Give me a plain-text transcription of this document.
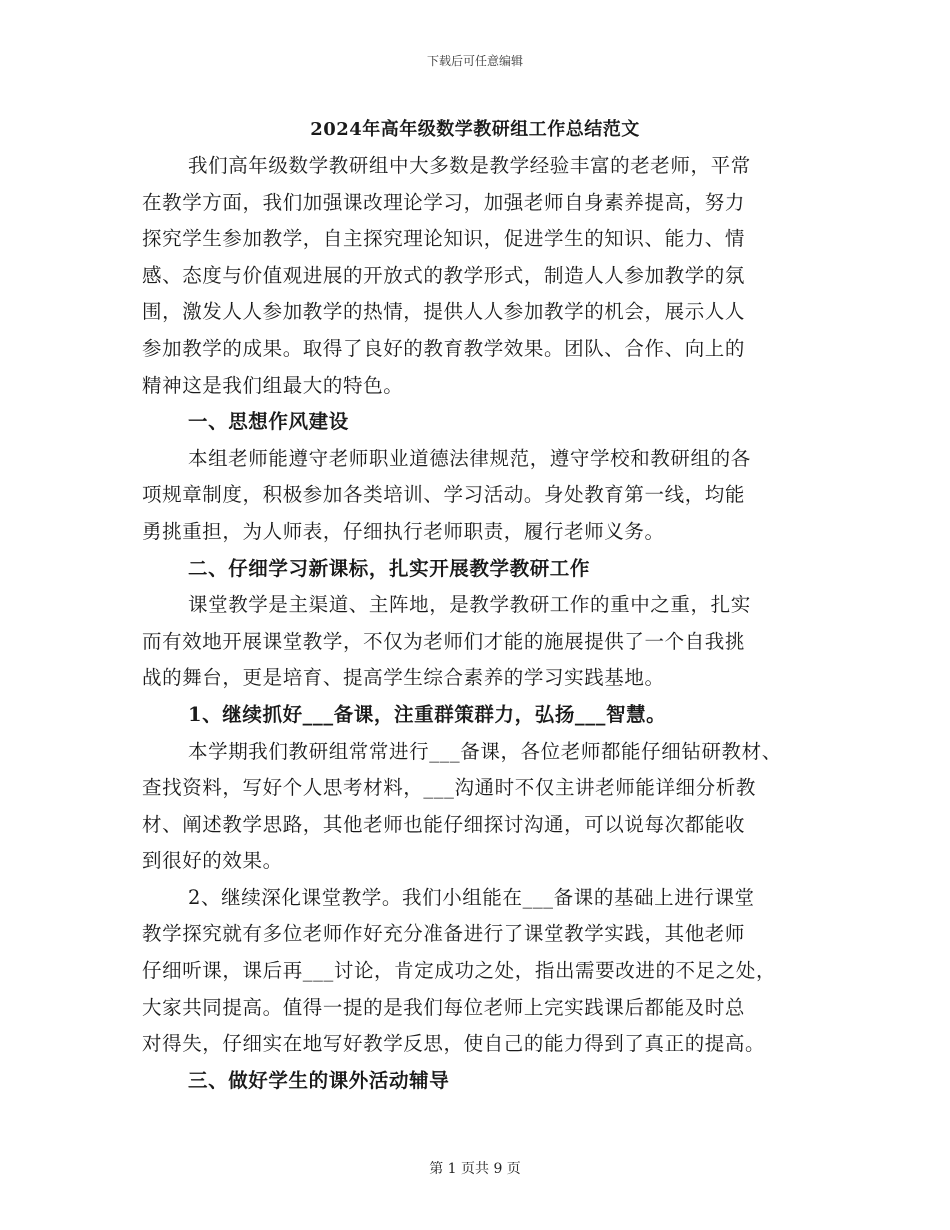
下载后可任意编辑
2024年高年级数学教研组工作总结范文
我们高年级数学教研组中大多数是教学经验丰富的老老师，平常
在教学方面，我们加强课改理论学习，加强老师自身素养提高，努力
探究学生参加教学，自主探究理论知识，促进学生的知识、能力、情
感、态度与价值观进展的开放式的教学形式，制造人人参加教学的氛
围，激发人人参加教学的热情，提供人人参加教学的机会，展示人人
参加教学的成果。取得了良好的教育教学效果。团队、合作、向上的
精神这是我们组最大的特色。
一、思想作风建设
本组老师能遵守老师职业道德法律规范，遵守学校和教研组的各
项规章制度，积极参加各类培训、学习活动。身处教育第一线，均能
勇挑重担，为人师表，仔细执行老师职责，履行老师义务。
二、仔细学习新课标，扎实开展教学教研工作
课堂教学是主渠道、主阵地，是教学教研工作的重中之重，扎实
而有效地开展课堂教学，不仅为老师们才能的施展提供了一个自我挑
战的舞台，更是培育、提高学生综合素养的学习实践基地。
1、继续抓好___备课，注重群策群力，弘扬___智慧。
本学期我们教研组常常进行___备课，各位老师都能仔细钻研教材、
查找资料，写好个人思考材料，___沟通时不仅主讲老师能详细分析教
材、阐述教学思路，其他老师也能仔细探讨沟通，可以说每次都能收
到很好的效果。
2、继续深化课堂教学。我们小组能在___备课的基础上进行课堂
教学探究就有多位老师作好充分准备进行了课堂教学实践，其他老师
仔细听课，课后再___讨论，肯定成功之处，指出需要改进的不足之处，
大家共同提高。值得一提的是我们每位老师上完实践课后都能及时总
对得失，仔细实在地写好教学反思，使自己的能力得到了真正的提高。
三、做好学生的课外活动辅导
第 1 页共 9 页
